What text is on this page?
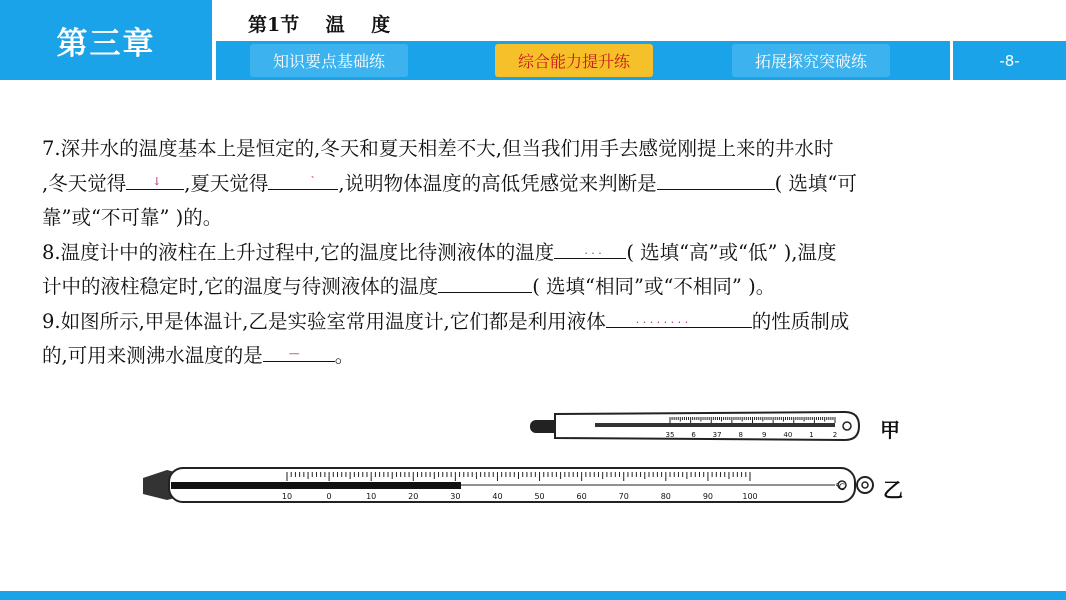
第三章
第1节    温    度
知识要点基础练	综合能力提升练	拓展探究突破练	-8-
7.深井水的温度基本上是恒定的,冬天和夏天相差不大,但当我们用手去感觉刚提上来的井水时
,冬天觉得 ↓ ,夏天觉得	ˋ ,说明物体温度的高低凭感觉来判断是	( 选填“可
靠”或“不可靠” )的。
8.温度计中的液柱在上升过程中,它的温度比待测液体的温度	. . . ( 选填“高”或“低” ),温度
计中的液柱稳定时,它的温度与待测液体的温度	( 选填“相同”或“不相同” )。
9.如图所示,甲是体温计,乙是实验室常用温度计,它们都是利用液体	. . . . . . . .	的性质制成
的,可用来测沸水温度的是 — 。
35 6 37 8	9 40 1	2
10	0	10	20	30	40	50	60	70	80	90	100
℃
甲
乙
